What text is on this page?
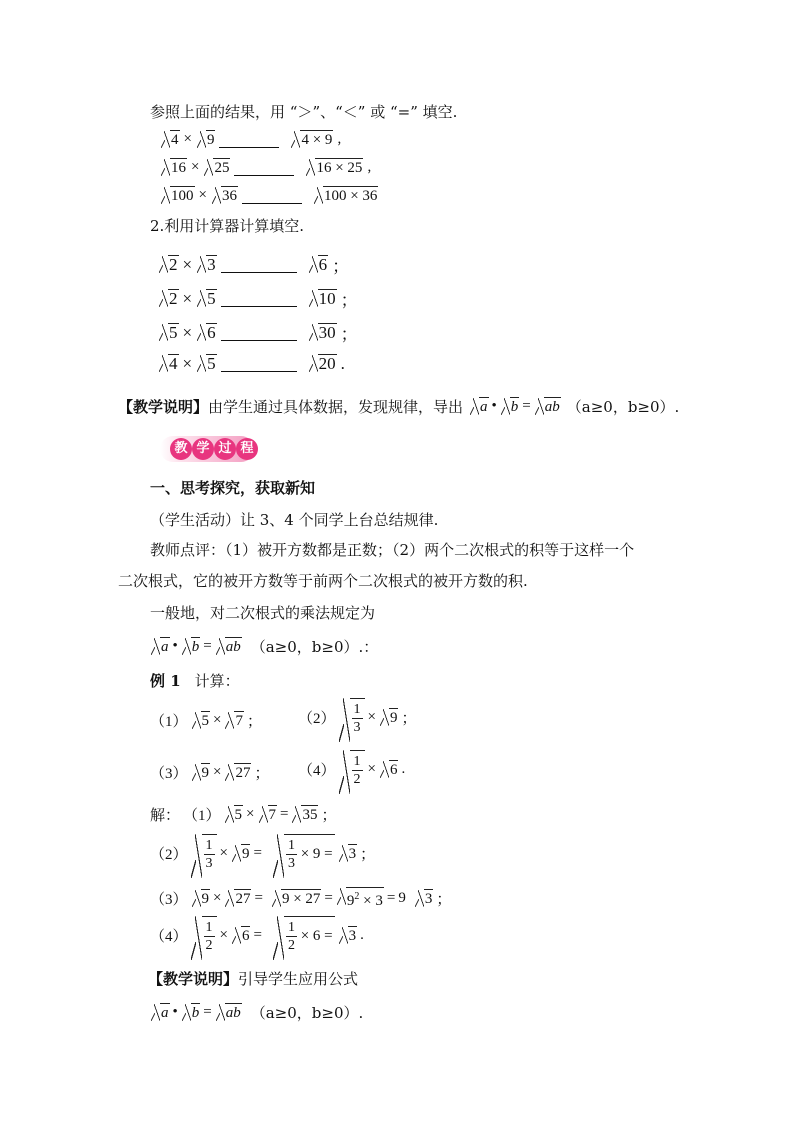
参照上面的结果，用 “＞”、“＜” 或 “=” 填空.
4 ×	9	4 × 9 ,
16 ×	25	16 × 25 ,
100 ×	36	100 × 36
2.利用计算器计算填空.
2 × 3	6 ；
2 × 5	10 ；
5 × 6	30 ；
4 × 5	20 .
【教学说明】 由学生通过具体数据，发现规律，导出	a • b = ab （a≥0，b≥0）.
教 学 过 程
一、思考探究，获取新知
（学生活动）让 3、4 个同学上台总结规律.
教师点评：（1）被开方数都是正数；（2）两个二次根式的积等于这样一个
二次根式，它的被开方数等于前两个二次根式的被开方数的积.
一般地，对二次根式的乘法规定为
a • b = ab （a≥0，b≥0）.：
例 1 计算：
（1） 5 × 7 ； $(2) \frac{1}{3} \times 9$ ；
（3） 9 × 27 ； $(4) \frac{1}{2} \times 6$ .
解： （1） 5 × 7 = 35 ；
$(2) \frac{1}{3} \times 9 = \frac{1}{3} \times 9$ =	3 ；
（3） 9 × 27 =	$9 \times 27 = 9^2 \times 3 = 9$	3 ；
$(4) \frac{1}{2} \times 6 = \frac{1}{2} \times 6$ =	3 .
【教学说明】 引导学生应用公式
a • b = ab （a≥0，b≥0）.
